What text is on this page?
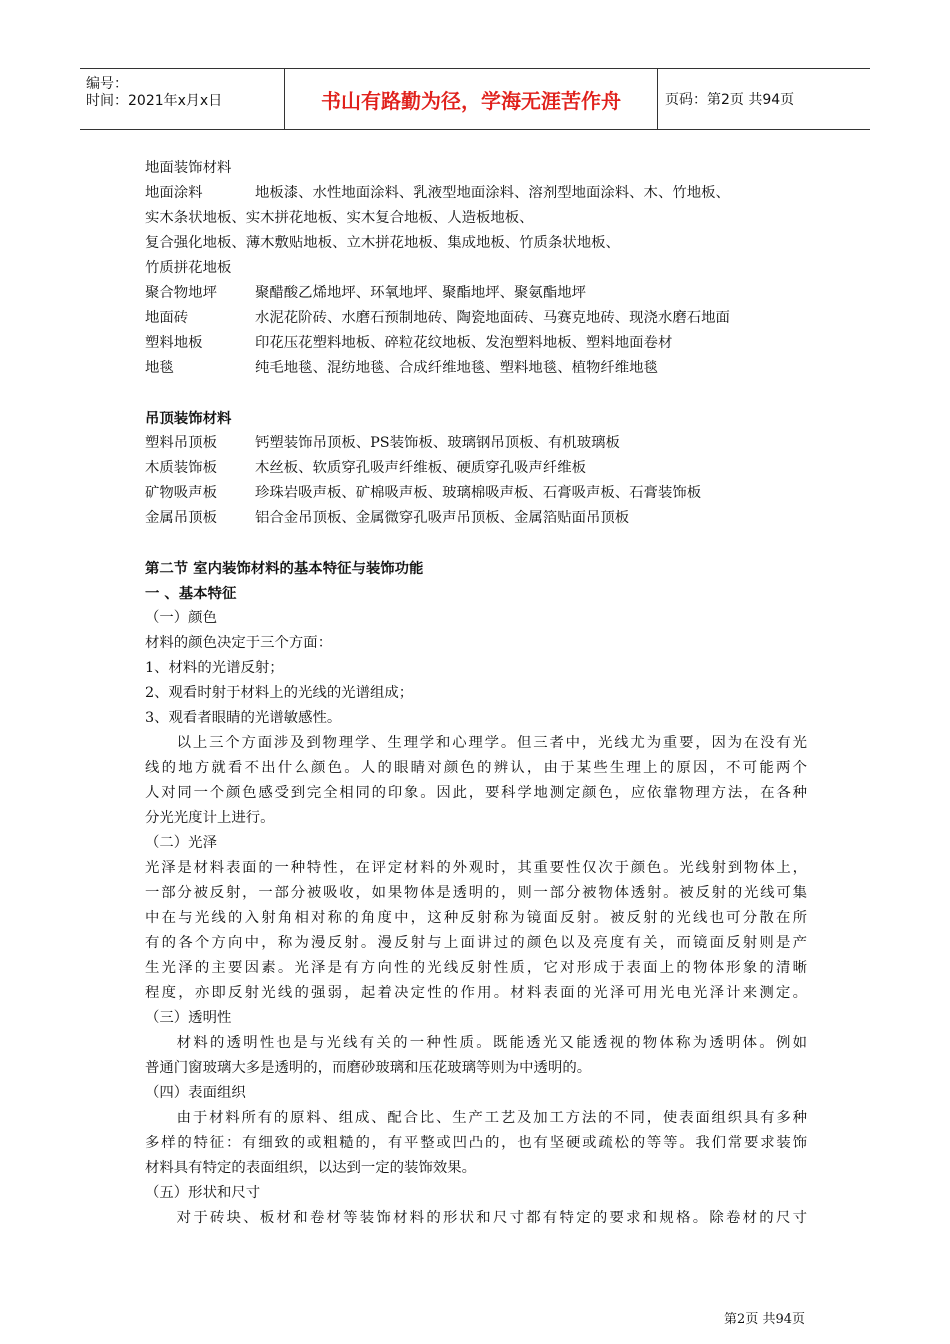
编号：
时间：2021年x月x日	书山有路勤为径，学海无涯苦作舟	页码：第2页 共94页
地面装饰材料
地面涂料	地板漆、水性地面涂料、乳液型地面涂料、溶剂型地面涂料、木、竹地板、
实木条状地板、实木拼花地板、实木复合地板、人造板地板、
复合强化地板、薄木敷贴地板、立木拼花地板、集成地板、竹质条状地板、
竹质拼花地板
聚合物地坪	聚醋酸乙烯地坪、环氧地坪、聚酯地坪、聚氨酯地坪
地面砖	水泥花阶砖、水磨石预制地砖、陶瓷地面砖、马赛克地砖、现浇水磨石地面
塑料地板	印花压花塑料地板、碎粒花纹地板、发泡塑料地板、塑料地面卷材
地毯	纯毛地毯、混纺地毯、合成纤维地毯、塑料地毯、植物纤维地毯
吊顶装饰材料
塑料吊顶板	钙塑装饰吊顶板、PS装饰板、玻璃钢吊顶板、有机玻璃板
木质装饰板	木丝板、软质穿孔吸声纤维板、硬质穿孔吸声纤维板
矿物吸声板	珍珠岩吸声板、矿棉吸声板、玻璃棉吸声板、石膏吸声板、石膏装饰板
金属吊顶板	铝合金吊顶板、金属微穿孔吸声吊顶板、金属箔贴面吊顶板
第二节 室内装饰材料的基本特征与装饰功能
一 、基本特征
（一）颜色
材料的颜色决定于三个方面：
1、材料的光谱反射；
2、观看时射于材料上的光线的光谱组成；
3、观看者眼睛的光谱敏感性。
以上三个方面涉及到物理学、生理学和心理学。但三者中，光线尤为重要，因为在没有光
线的地方就看不出什么颜色。人的眼睛对颜色的辨认，由于某些生理上的原因，不可能两个
人对同一个颜色感受到完全相同的印象。因此，要科学地测定颜色，应依靠物理方法，在各种
分光光度计上进行。
（二）光泽
光泽是材料表面的一种特性，在评定材料的外观时，其重要性仅次于颜色。光线射到物体上，
一部分被反射，一部分被吸收，如果物体是透明的，则一部分被物体透射。被反射的光线可集
中在与光线的入射角相对称的角度中，这种反射称为镜面反射。被反射的光线也可分散在所
有的各个方向中，称为漫反射。漫反射与上面讲过的颜色以及亮度有关，而镜面反射则是产
生光泽的主要因素。光泽是有方向性的光线反射性质，它对形成于表面上的物体形象的清晰
程度，亦即反射光线的强弱，起着决定性的作用。材料表面的光泽可用光电光泽计来测定。
（三）透明性
材料的透明性也是与光线有关的一种性质。既能透光又能透视的物体称为透明体。例如
普通门窗玻璃大多是透明的，而磨砂玻璃和压花玻璃等则为中透明的。
（四）表面组织
由于材料所有的原料、组成、配合比、生产工艺及加工方法的不同，使表面组织具有多种
多样的特征：有细致的或粗糙的，有平整或凹凸的，也有坚硬或疏松的等等。我们常要求装饰
材料具有特定的表面组织，以达到一定的装饰效果。
（五）形状和尺寸
对于砖块、板材和卷材等装饰材料的形状和尺寸都有特定的要求和规格。除卷材的尺寸
第2页 共94页
